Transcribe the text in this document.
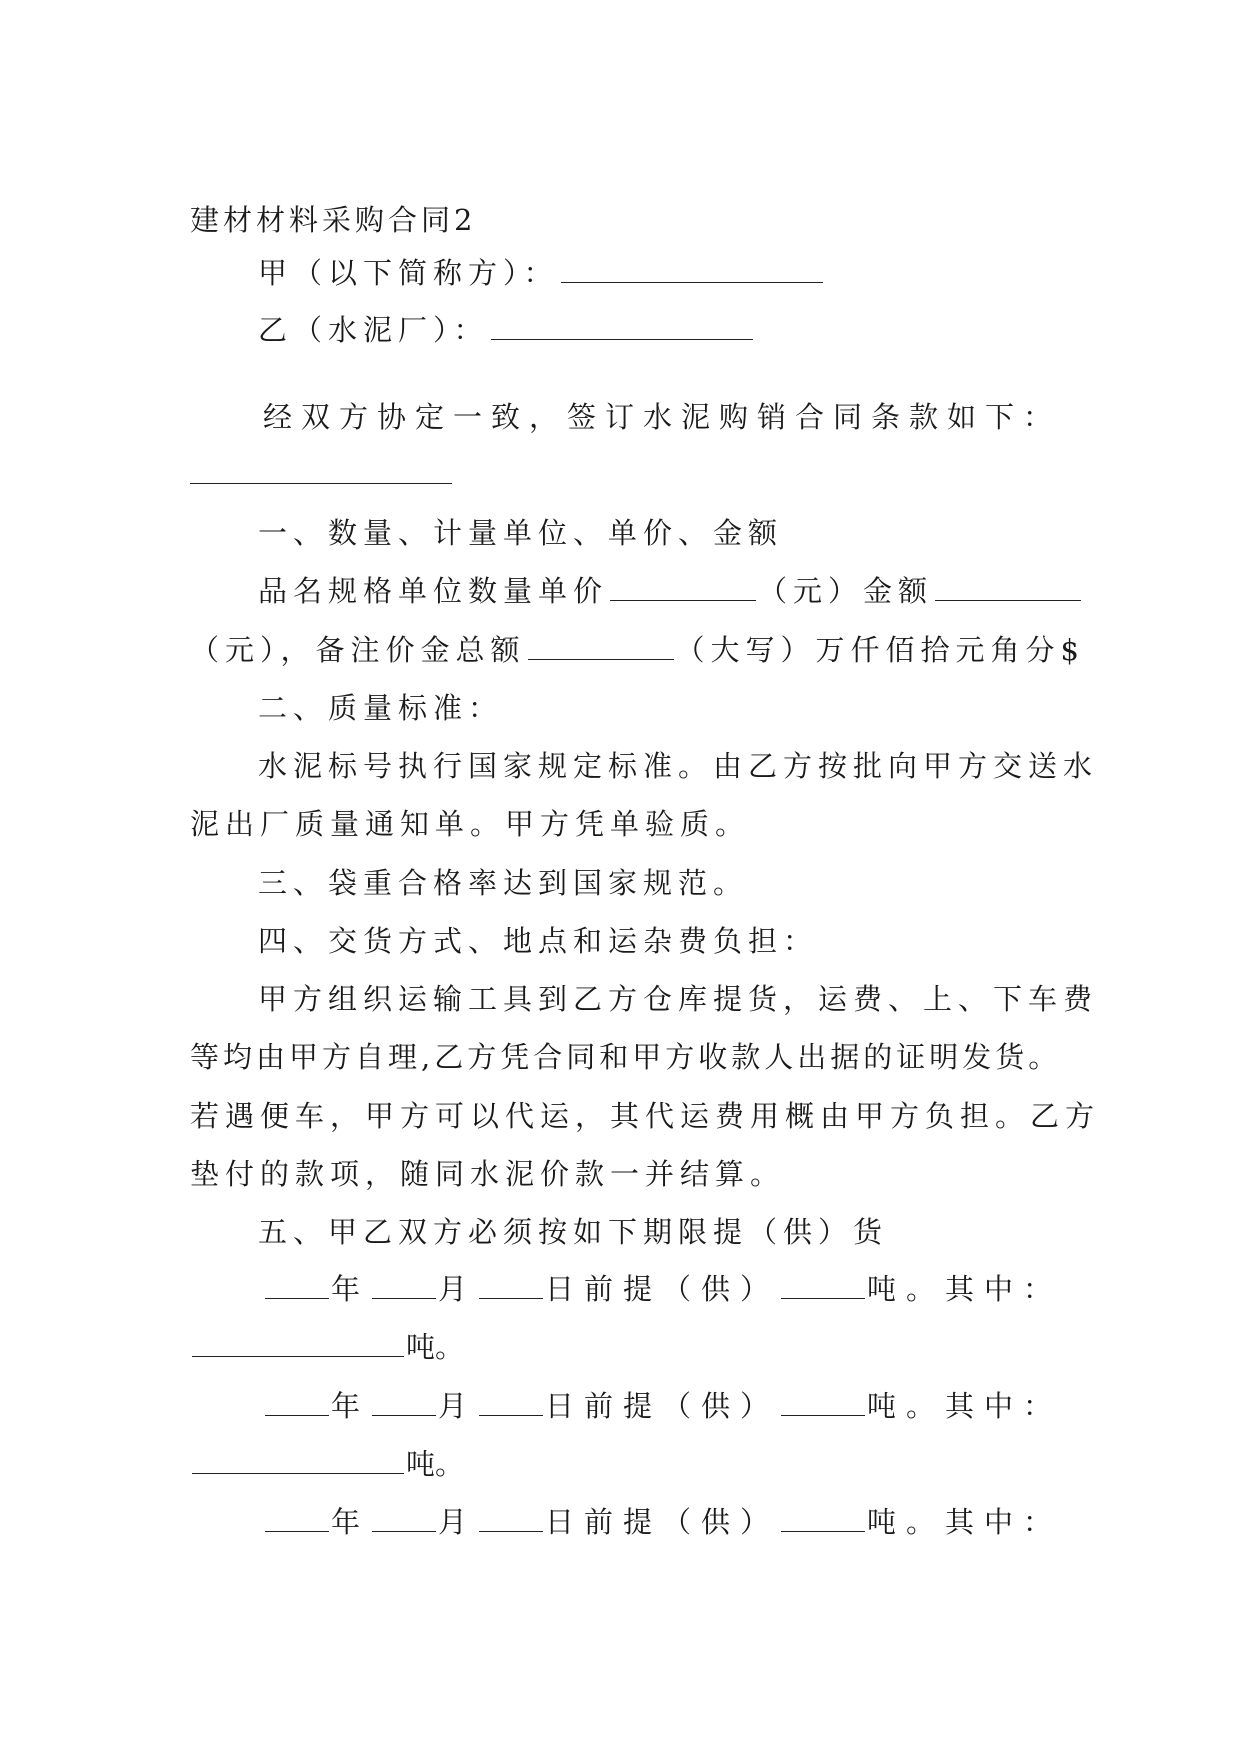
建材材料采购合同2
甲（以下简称方）：
乙（水泥厂）：
经双方协定一致，签订水泥购销合同条款如下：
一、数量、计量单位、单价、金额
品名规格单位数量单价	（元）金额
（元），备注价金总额	（大写）万仟佰拾元角分$
二、质量标准：
水泥标号执行国家规定标准。由乙方按批向甲方交送水
泥出厂质量通知单。甲方凭单验质。
三、袋重合格率达到国家规范。
四、交货方式、地点和运杂费负担：
甲方组织运输工具到乙方仓库提货，运费、上、下车费
等均由甲方自理,乙方凭合同和甲方收款人出据的证明发货。
若遇便车，甲方可以代运，其代运费用概由甲方负担。乙方
垫付的款项，随同水泥价款一并结算。
五、甲乙双方必须按如下期限提（供）货
年 月 日前提（供）	吨。其中：
吨。
年 月 日前提（供）	吨。其中：
吨。
年 月 日前提（供）	吨。其中：
